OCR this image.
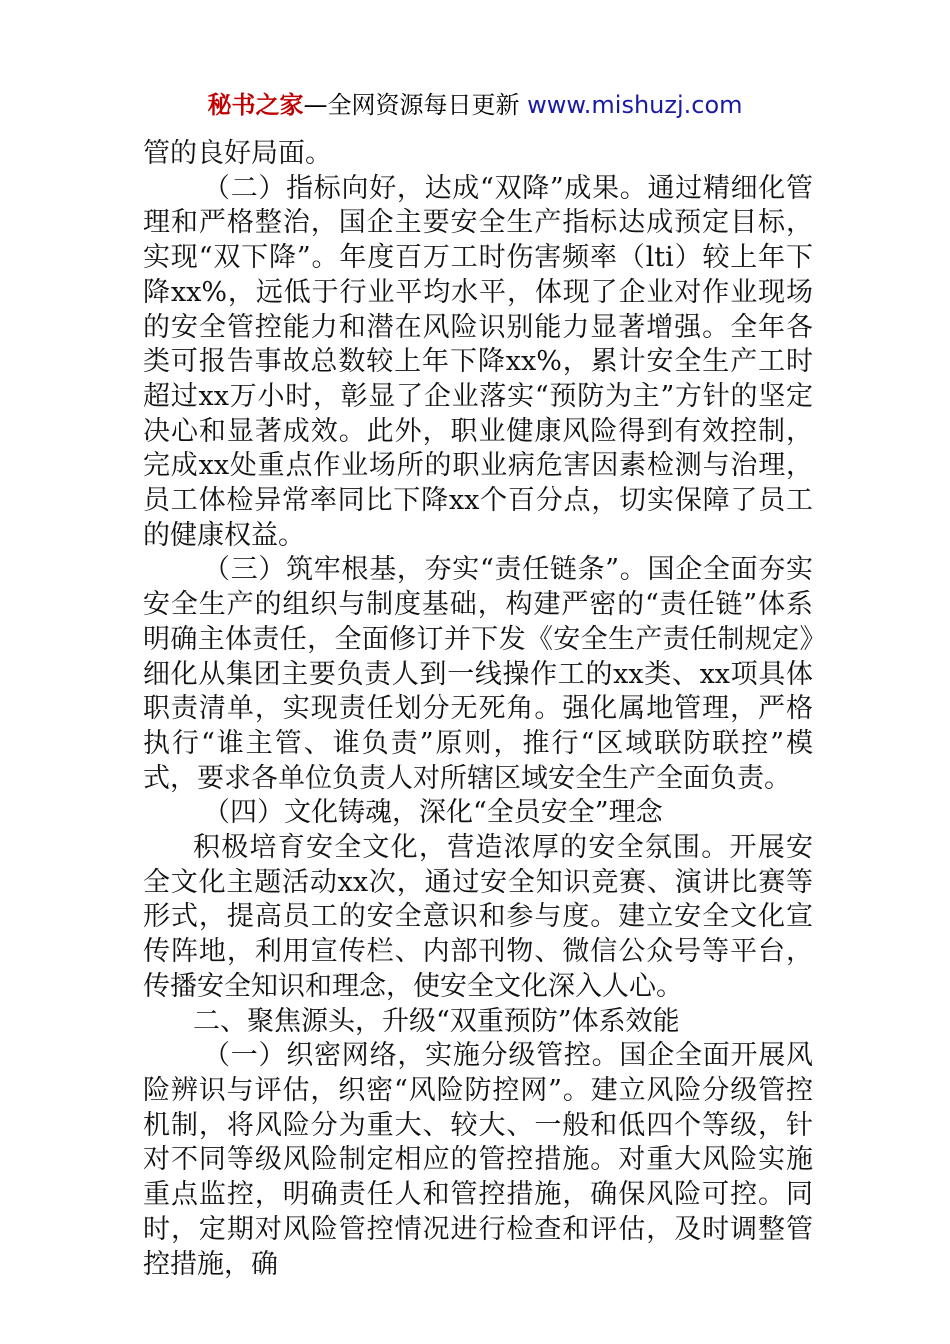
秘书之家—全网资源每日更新 www.mishuzj.com

管的良好局面。

（二）指标向好，达成“双降”成果。通过精细化管理和严格整治，国企主要安全生产指标达成预定目标，实现“双下降”。年度百万工时伤害频率（lti）较上年下降xx%，远低于行业平均水平，体现了企业对作业现场的安全管控能力和潜在风险识别能力显著增强。全年各类可报告事故总数较上年下降xx%，累计安全生产工时超过xx万小时，彰显了企业落实“预防为主”方针的坚定决心和显著成效。此外，职业健康风险得到有效控制，完成xx处重点作业场所的职业病危害因素检测与治理，员工体检异常率同比下降xx个百分点，切实保障了员工的健康权益。

（三）筑牢根基，夯实“责任链条”。国企全面夯实安全生产的组织与制度基础，构建严密的“责任链”体系明确主体责任，全面修订并下发《安全生产责任制规定》细化从集团主要负责人到一线操作工的xx类、xx项具体职责清单，实现责任划分无死角。强化属地管理，严格执行“谁主管、谁负责”原则，推行“区域联防联控”模式，要求各单位负责人对所辖区域安全生产全面负责。

（四）文化铸魂，深化“全员安全”理念

积极培育安全文化，营造浓厚的安全氛围。开展安全文化主题活动xx次，通过安全知识竞赛、演讲比赛等形式，提高员工的安全意识和参与度。建立安全文化宣传阵地，利用宣传栏、内部刊物、微信公众号等平台，传播安全知识和理念，使安全文化深入人心。

二、聚焦源头，升级“双重预防”体系效能

（一）织密网络，实施分级管控。国企全面开展风险辨识与评估，织密“风险防控网”。建立风险分级管控机制，将风险分为重大、较大、一般和低四个等级，针对不同等级风险制定相应的管控措施。对重大风险实施重点监控，明确责任人和管控措施，确保风险可控。同时，定期对风险管控情况进行检查和评估，及时调整管控措施，确
